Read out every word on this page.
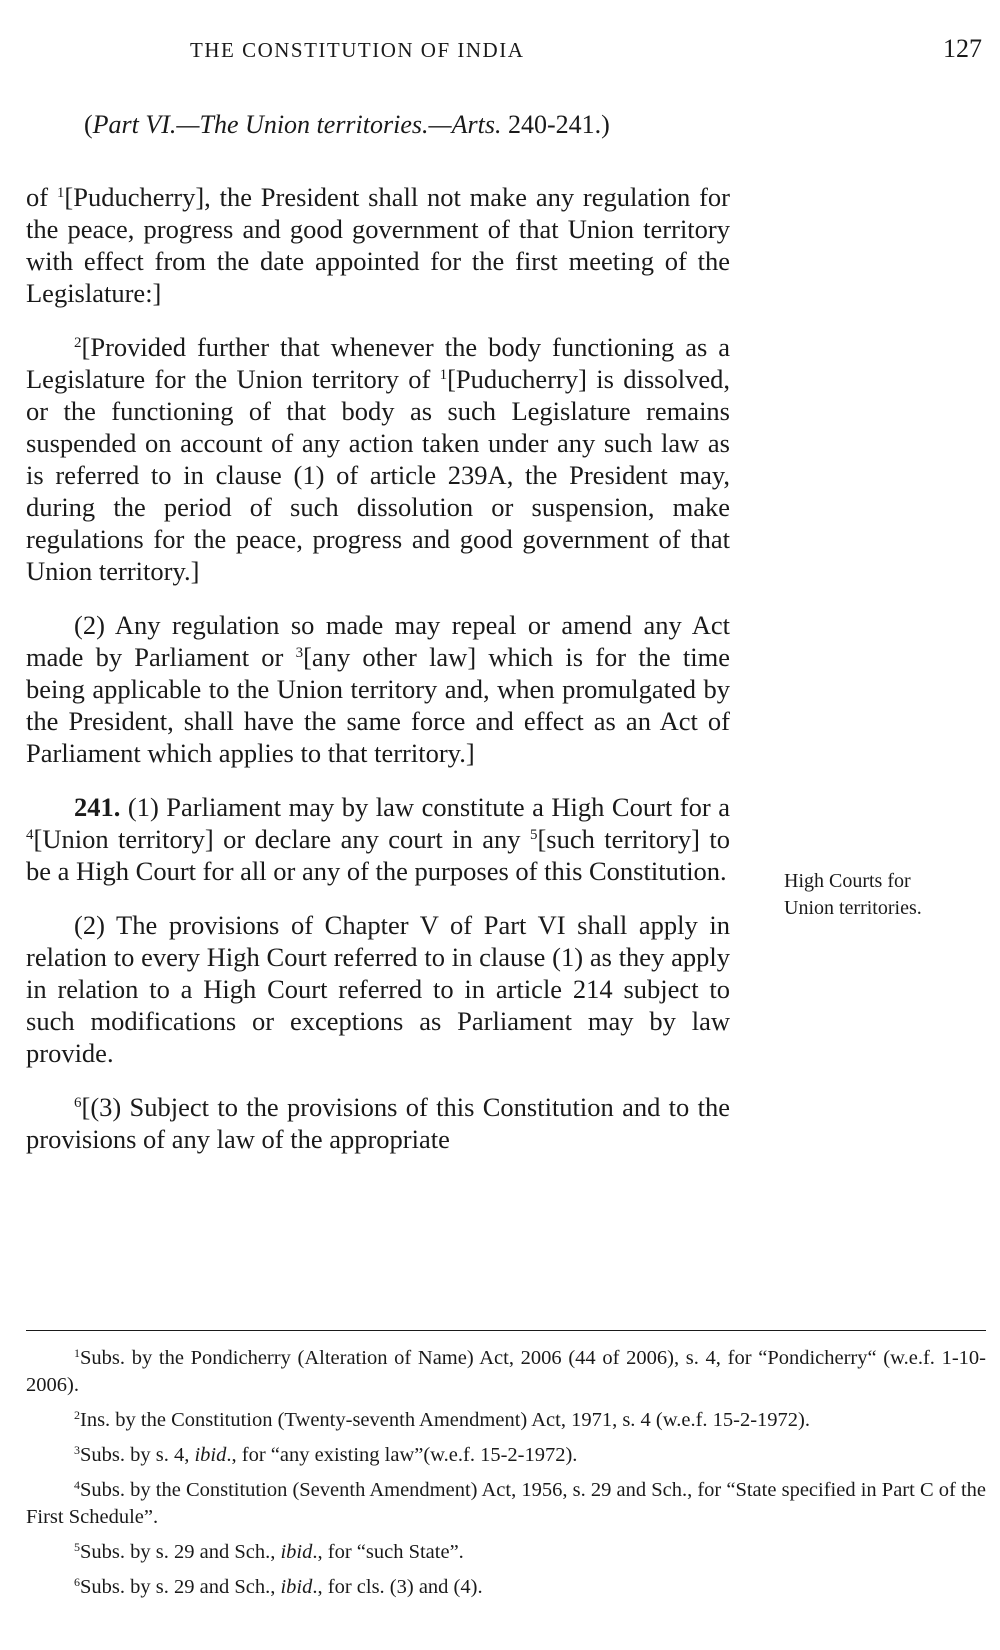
THE CONSTITUTION OF INDIA	127
(Part VI.—The Union territories.—Arts. 240-241.)

of $^1$[Puducherry], the President shall not make any regulation for the peace, progress and good government of that Union territory with effect from the date appointed for the first meeting of the Legislature:]

$^2$[Provided further that whenever the body functioning as a Legislature for the Union territory of $^1$[Puducherry] is dissolved, or the functioning of that body as such Legislature remains suspended on account of any action taken under any such law as is referred to in clause (1) of article 239A, the President may, during the period of such dissolution or suspension, make regulations for the peace, progress and good government of that Union territory.]

(2) Any regulation so made may repeal or amend any Act made by Parliament or $^3$[any other law] which is for the time being applicable to the Union territory and, when promulgated by the President, shall have the same force and effect as an Act of Parliament which applies to that territory.]

241. (1) Parliament may by law constitute a High Court for a $^4$[Union territory] or declare any court in any $^5$[such territory] to be a High Court for all or any of the purposes of this Constitution.

(2) The provisions of Chapter V of Part VI shall apply in relation to every High Court referred to in clause (1) as they apply in relation to a High Court referred to in article 214 subject to such modifications or exceptions as Parliament may by law provide.

$^6$[(3) Subject to the provisions of this Constitution and to the provisions of any law of the appropriate

High Courts for
Union territories.

$^1$Subs. by the Pondicherry (Alteration of Name) Act, 2006 (44 of 2006), s. 4, for “Pondicherry“ (w.e.f. 1-10-2006).

$^2$Ins. by the Constitution (Twenty-seventh Amendment) Act, 1971, s. 4 (w.e.f. 15-2-1972).

$^3$Subs. by s. 4, ibid., for “any existing law”(w.e.f. 15-2-1972).

$^4$Subs. by the Constitution (Seventh Amendment) Act, 1956, s. 29 and Sch., for “State specified in Part C of the First Schedule”.

$^5$Subs. by s. 29 and Sch., ibid., for “such State”.

$^6$Subs. by s. 29 and Sch., ibid., for cls. (3) and (4).
